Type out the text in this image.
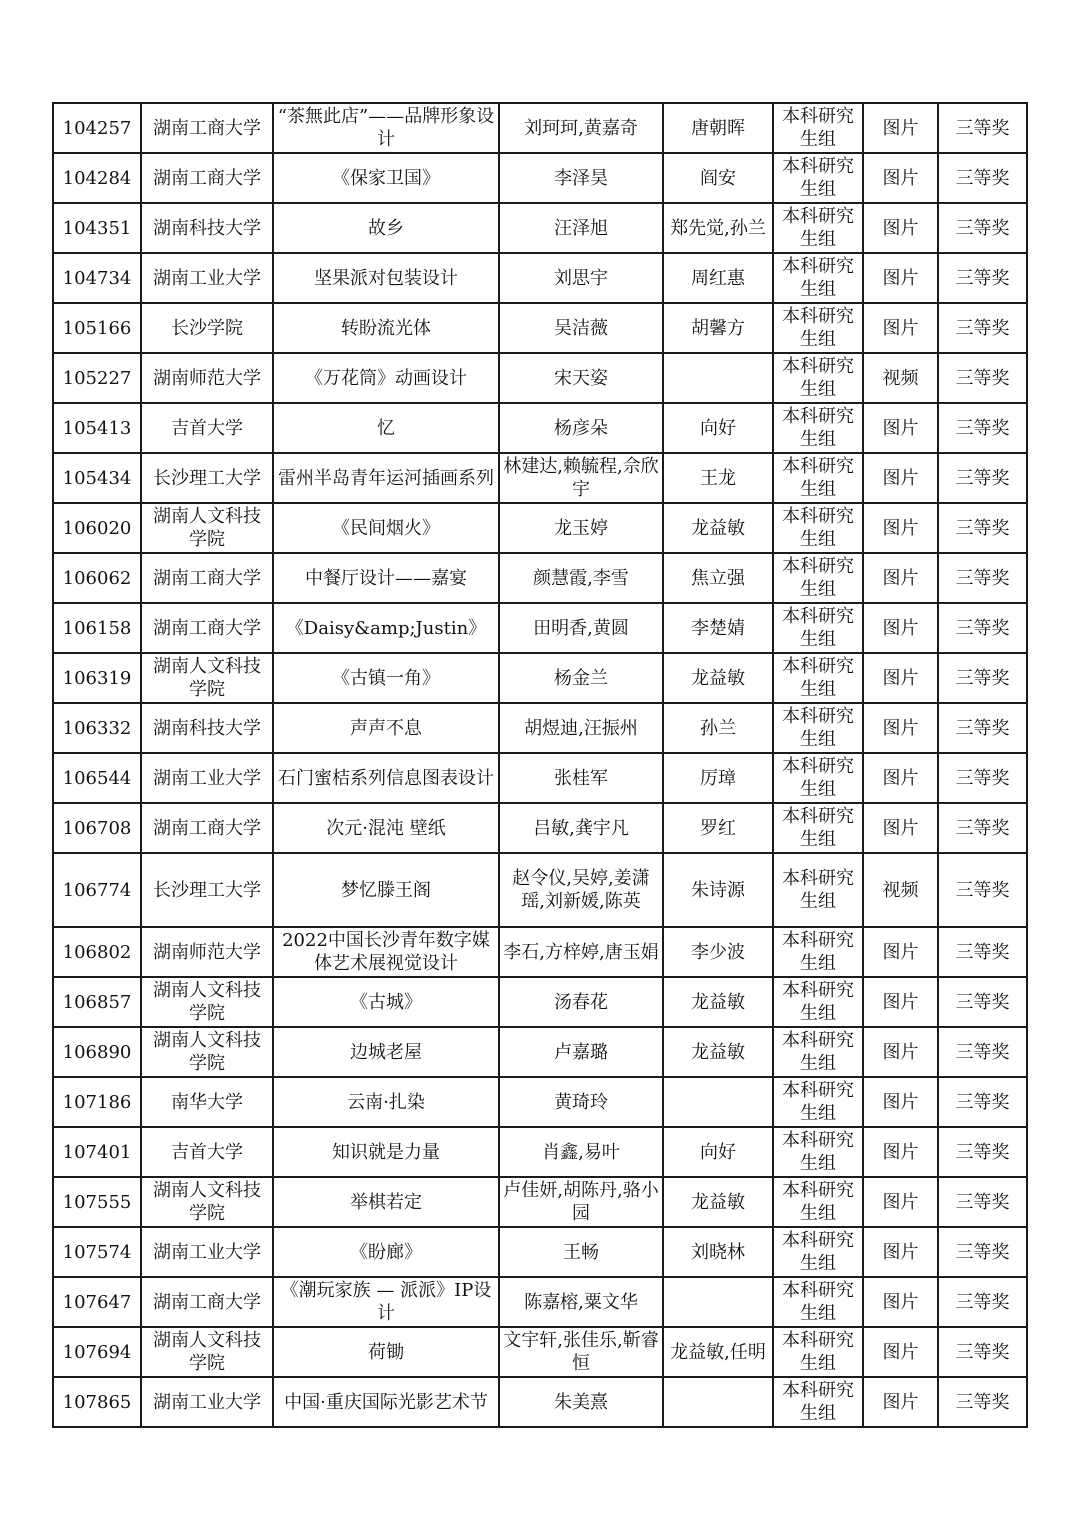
104257	湖南工商大学	“茶無此店”——品牌形象设计	刘珂珂,黄嘉奇	唐朝晖	本科研究生组	图片	三等奖
104284	湖南工商大学	《保家卫国》	李泽昊	阎安	本科研究生组	图片	三等奖
104351	湖南科技大学	故乡	汪泽旭	郑先觉,孙兰	本科研究生组	图片	三等奖
104734	湖南工业大学	坚果派对包装设计	刘思宇	周红惠	本科研究生组	图片	三等奖
105166	长沙学院	转盼流光体	吴洁薇	胡馨方	本科研究生组	图片	三等奖
105227	湖南师范大学	《万花筒》动画设计	宋天姿		本科研究生组	视频	三等奖
105413	吉首大学	忆	杨彦朵	向好	本科研究生组	图片	三等奖
105434	长沙理工大学	雷州半岛青年运河插画系列	林建达,赖毓程,佘欣宇	王龙	本科研究生组	图片	三等奖
106020	湖南人文科技学院	《民间烟火》	龙玉婷	龙益敏	本科研究生组	图片	三等奖
106062	湖南工商大学	中餐厅设计——嘉宴	颜慧霞,李雪	焦立强	本科研究生组	图片	三等奖
106158	湖南工商大学	《Daisy&amp;Justin》	田明香,黄圆	李楚婧	本科研究生组	图片	三等奖
106319	湖南人文科技学院	《古镇一角》	杨金兰	龙益敏	本科研究生组	图片	三等奖
106332	湖南科技大学	声声不息	胡煜迪,汪振州	孙兰	本科研究生组	图片	三等奖
106544	湖南工业大学	石门蜜桔系列信息图表设计	张桂军	厉璋	本科研究生组	图片	三等奖
106708	湖南工商大学	次元·混沌 壁纸	吕敏,龚宇凡	罗红	本科研究生组	图片	三等奖
106774	长沙理工大学	梦忆滕王阁	赵令仪,吴婷,姜潇瑶,刘新媛,陈英	朱诗源	本科研究生组	视频	三等奖
106802	湖南师范大学	2022中国长沙青年数字媒体艺术展视觉设计	李石,方梓婷,唐玉娟	李少波	本科研究生组	图片	三等奖
106857	湖南人文科技学院	《古城》	汤春花	龙益敏	本科研究生组	图片	三等奖
106890	湖南人文科技学院	边城老屋	卢嘉璐	龙益敏	本科研究生组	图片	三等奖
107186	南华大学	云南·扎染	黄琦玲		本科研究生组	图片	三等奖
107401	吉首大学	知识就是力量	肖鑫,易叶	向好	本科研究生组	图片	三等奖
107555	湖南人文科技学院	举棋若定	卢佳妍,胡陈丹,骆小园	龙益敏	本科研究生组	图片	三等奖
107574	湖南工业大学	《盼廊》	王畅	刘晓林	本科研究生组	图片	三等奖
107647	湖南工商大学	《潮玩家族 — 派派》IP设计	陈嘉榕,粟文华		本科研究生组	图片	三等奖
107694	湖南人文科技学院	荷锄	文宇轩,张佳乐,靳睿恒	龙益敏,任明	本科研究生组	图片	三等奖
107865	湖南工业大学	中国·重庆国际光影艺术节	朱美熹		本科研究生组	图片	三等奖
